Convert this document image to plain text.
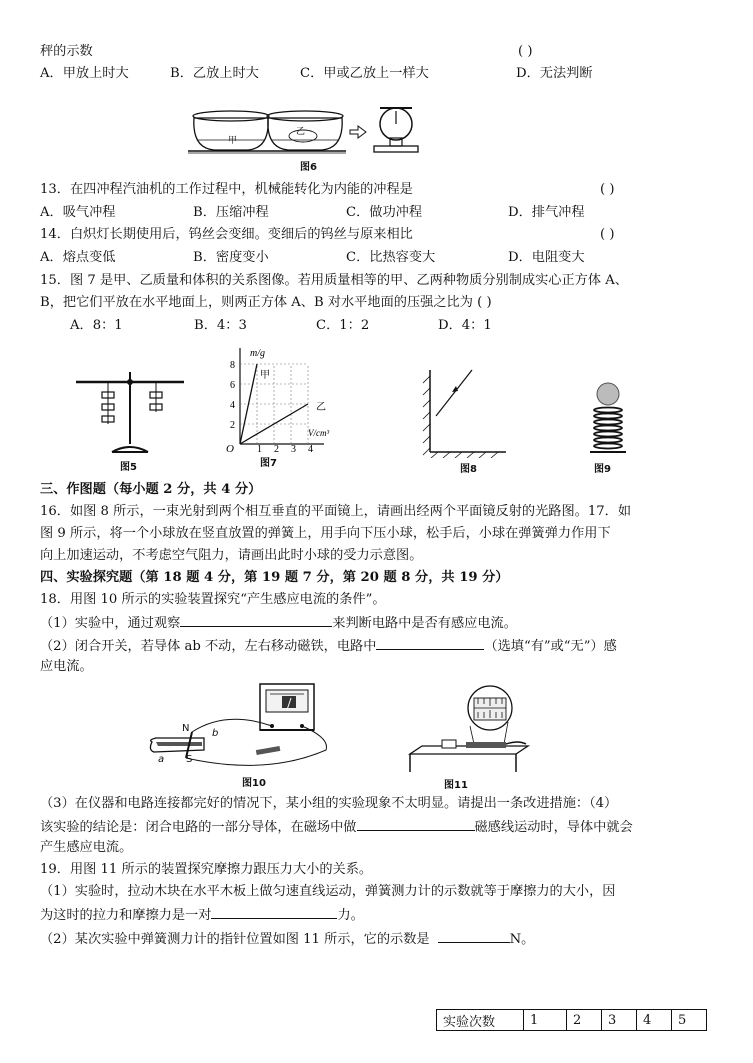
秤的示数	( )
A．甲放上时大	B．乙放上时大	C．甲或乙放上一样大	D．无法判断
甲
乙
图6
13．在四冲程汽油机的工作过程中，机械能转化为内能的冲程是	( )
A．吸气冲程	B．压缩冲程	C．做功冲程	D．排气冲程
14．白炽灯长期使用后，钨丝会变细。变细后的钨丝与原来相比	( )
A．熔点变低	B．密度变小	C．比热容变大	D．电阻变大
15．图 7 是甲、乙质量和体积的关系图像。若用质量相等的甲、乙两种物质分别制成实心正方体 A、
B，把它们平放在水平地面上，则两正方体 A、B 对水平地面的压强之比为 ( )
A．8：1	B．4：3	C．1：2	D．4：1
图5
m/g
V/cm³
O
甲
乙
8
6
4
2
1 2 3 4
图7
图8	图9
三、作图题（每小题 2 分，共 4 分）
16．如图 8 所示，一束光射到两个相互垂直的平面镜上，请画出经两个平面镜反射的光路图。17．如
图 9 所示，将一个小球放在竖直放置的弹簧上，用手向下压小球，松手后，小球在弹簧弹力作用下
向上加速运动，不考虑空气阻力，请画出此时小球的受力示意图。
四、实验探究题（第 18 题 4 分，第 19 题 7 分，第 20 题 8 分，共 19 分）
18．用图 10 所示的实验装置探究“产生感应电流的条件”。
（1）实验中，通过观察	来判断电路中是否有感应电流。
（2）闭合开关，若导体 ab 不动，左右移动磁铁，电路中	（选填“有”或“无”）感
应电流。
N
S
a
b
图10	图11
（3）在仪器和电路连接都完好的情况下，某小组的实验现象不太明显。请提出一条改进措施：（4）
该实验的结论是：闭合电路的一部分导体，在磁场中做	磁感线运动时，导体中就会
产生感应电流。
19．用图 11 所示的装置探究摩擦力跟压力大小的关系。
（1）实验时，拉动木块在水平木板上做匀速直线运动，弹簧测力计的示数就等于摩擦力的大小，因
为这时的拉力和摩擦力是一对	力。
（2）某次实验中弹簧测力计的指针位置如图 11 所示，它的示数是	N。
实验次数	1	2	3	4	5
